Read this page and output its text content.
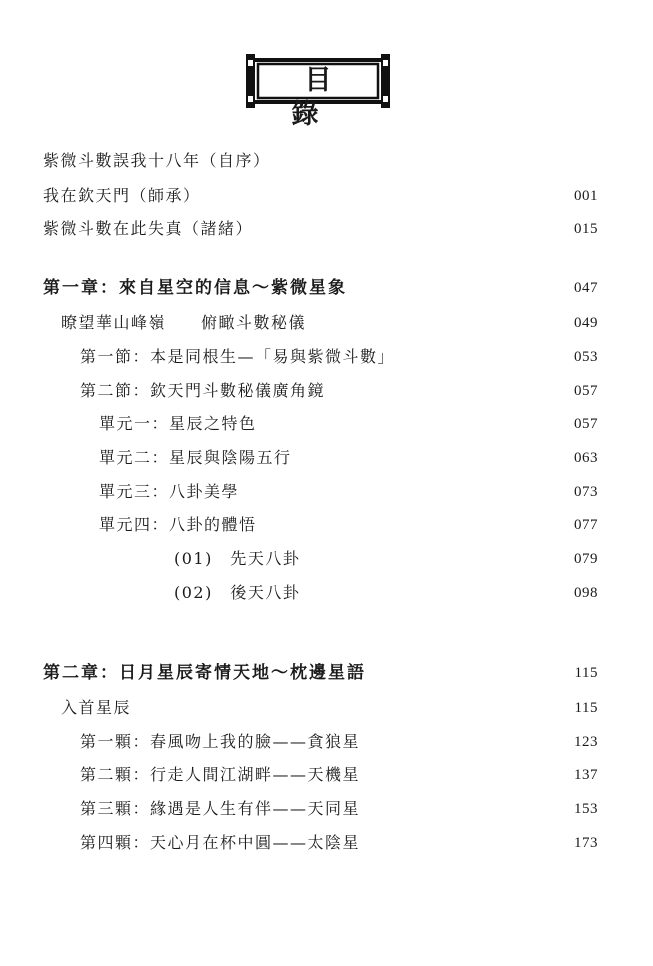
目 錄
紫微斗數誤我十八年（自序）
我在欽天門（師承）	001
紫微斗數在此失真（諸緒）	015
第一章：來自星空的信息～紫微星象	047
暸望華山峰嶺　　俯瞰斗數秘儀	049
第一節：本是同根生—「易與紫微斗數」	053
第二節：欽天門斗數秘儀廣角鏡	057
單元一：星辰之特色	057
單元二：星辰與陰陽五行	063
單元三：八卦美學	073
單元四：八卦的體悟	077
(01)　先天八卦	079
(02)　後天八卦	098
第二章：日月星辰寄情天地～枕邊星語	115
入首星辰	115
第一顆：春風吻上我的臉——貪狼星	123
第二顆：行走人間江湖畔——天機星	137
第三顆：緣遇是人生有伴——天同星	153
第四顆：天心月在杯中圓——太陰星	173
